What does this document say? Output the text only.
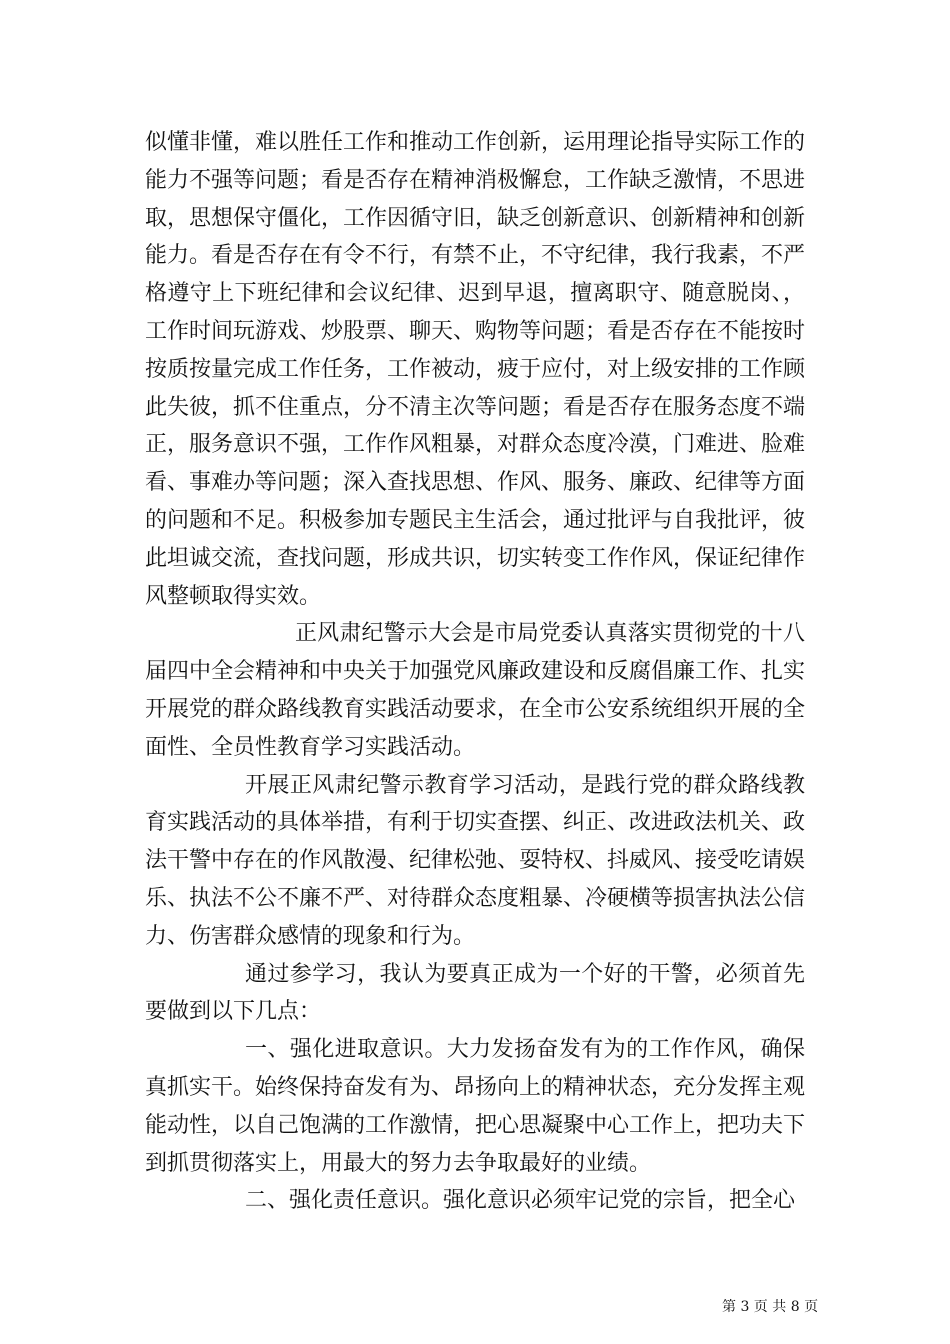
似懂非懂，难以胜任工作和推动工作创新，运用理论指导实际工作的能力不强等问题；看是否存在精神消极懈怠，工作缺乏激情，不思进取，思想保守僵化，工作因循守旧，缺乏创新意识、创新精神和创新能力。看是否存在有令不行，有禁不止，不守纪律，我行我素，不严格遵守上下班纪律和会议纪律、迟到早退，擅离职守、随意脱岗、，工作时间玩游戏、炒股票、聊天、购物等问题；看是否存在不能按时按质按量完成工作任务，工作被动，疲于应付，对上级安排的工作顾此失彼，抓不住重点，分不清主次等问题；看是否存在服务态度不端正，服务意识不强，工作作风粗暴，对群众态度冷漠，门难进、脸难看、事难办等问题；深入查找思想、作风、服务、廉政、纪律等方面的问题和不足。积极参加专题民主生活会，通过批评与自我批评，彼此坦诚交流，查找问题，形成共识，切实转变工作作风，保证纪律作风整顿取得实效。

正风肃纪警示大会是市局党委认真落实贯彻党的十八届四中全会精神和中央关于加强党风廉政建设和反腐倡廉工作、扎实开展党的群众路线教育实践活动要求，在全市公安系统组织开展的全面性、全员性教育学习实践活动。

开展正风肃纪警示教育学习活动，是践行党的群众路线教育实践活动的具体举措，有利于切实查摆、纠正、改进政法机关、政法干警中存在的作风散漫、纪律松弛、耍特权、抖威风、接受吃请娱乐、执法不公不廉不严、对待群众态度粗暴、冷硬横等损害执法公信力、伤害群众感情的现象和行为。

通过参学习，我认为要真正成为一个好的干警，必须首先要做到以下几点：

一、强化进取意识。大力发扬奋发有为的工作作风，确保真抓实干。始终保持奋发有为、昂扬向上的精神状态，充分发挥主观能动性，以自己饱满的工作激情，把心思凝聚中心工作上，把功夫下到抓贯彻落实上，用最大的努力去争取最好的业绩。

二、强化责任意识。强化意识必须牢记党的宗旨，把全心

第 3 页 共 8 页
